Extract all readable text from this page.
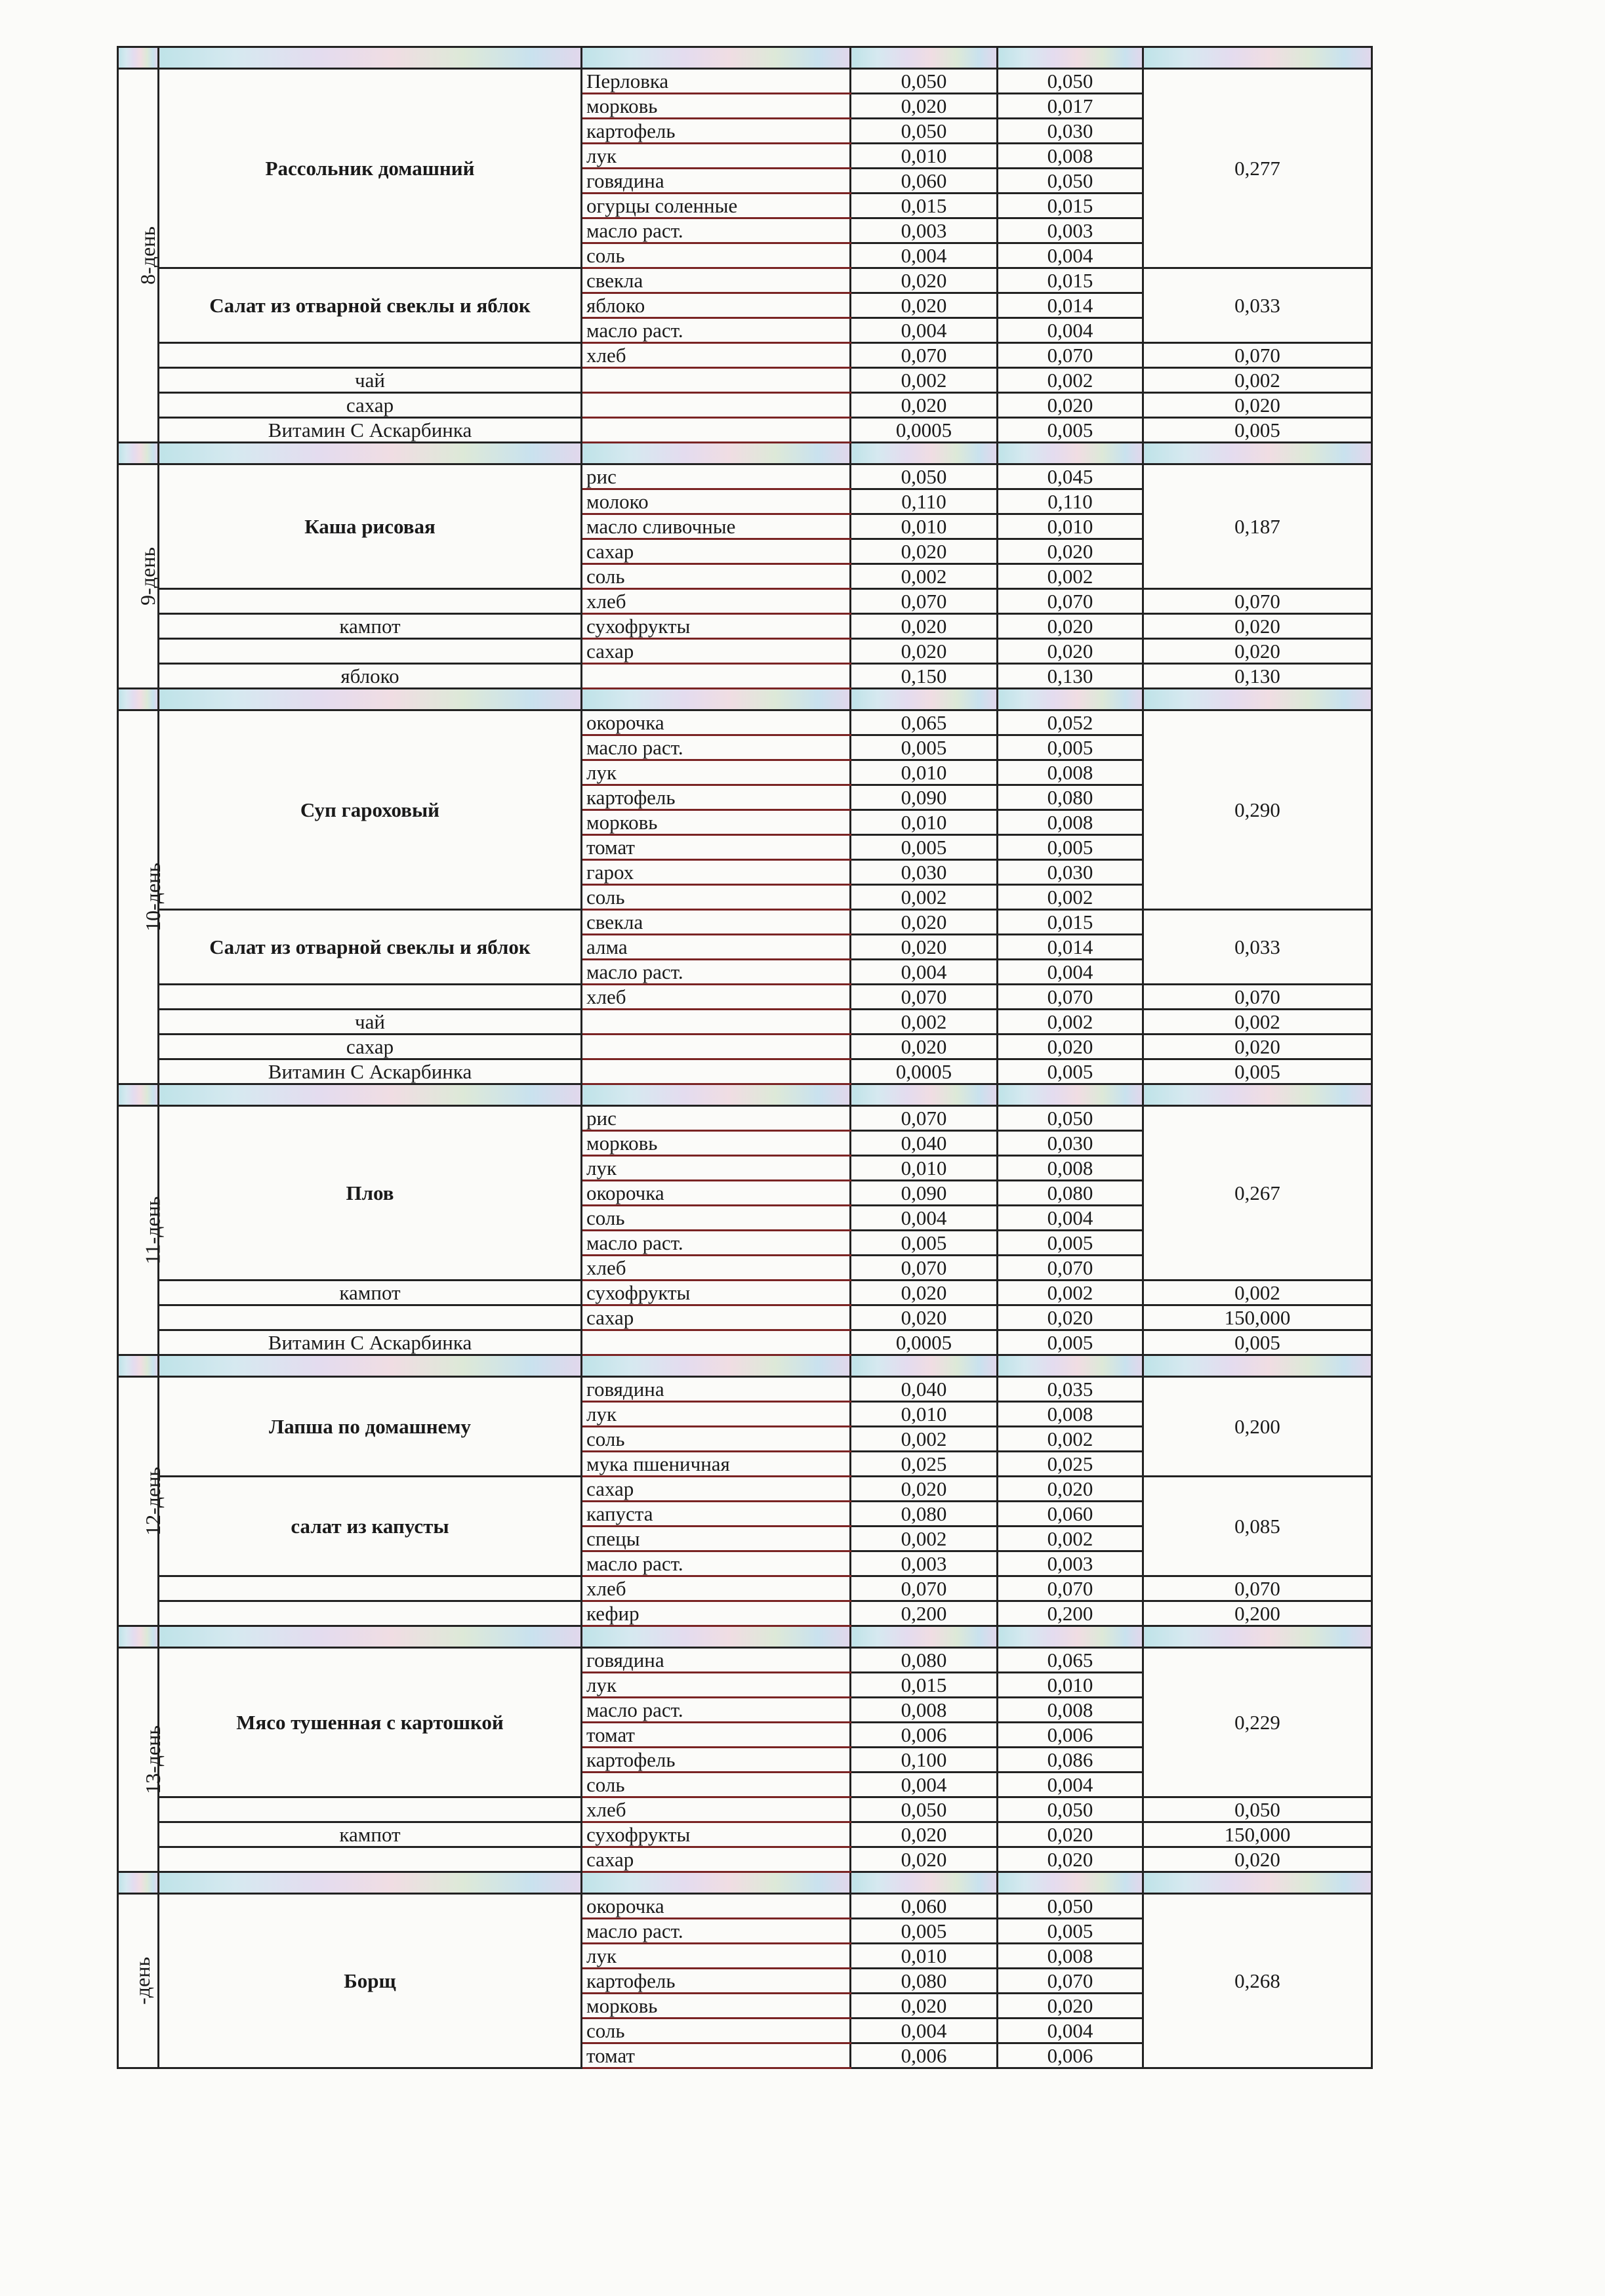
8-день	Рассольник домашний	Перловка	0,050	0,050	0,277
		морковь	0,020	0,017	
		картофель	0,050	0,030	
		лук	0,010	0,008	
		говядина	0,060	0,050	
		огурцы соленные	0,015	0,015	
		масло раст.	0,003	0,003	
		соль	0,004	0,004	
	Салат из отварной свеклы и яблок	свекла	0,020	0,015	0,033
		яблоко	0,020	0,014	
		масло раст.	0,004	0,004	
		хлеб	0,070	0,070	0,070
	чай		0,002	0,002	0,002
	сахар		0,020	0,020	0,020
	Витамин С Аскарбинка		0,0005	0,005	0,005

9-день	Каша рисовая	рис	0,050	0,045	0,187
		молоко	0,110	0,110	
		масло сливочные	0,010	0,010	
		сахар	0,020	0,020	
		соль	0,002	0,002	
		хлеб	0,070	0,070	0,070
	кампот	сухофрукты	0,020	0,020	0,020
		сахар	0,020	0,020	0,020
	яблоко		0,150	0,130	0,130

10-день	Суп гароховый	окорочка	0,065	0,052	0,290
		масло раст.	0,005	0,005	
		лук	0,010	0,008	
		картофель	0,090	0,080	
		морковь	0,010	0,008	
		томат	0,005	0,005	
		гарох	0,030	0,030	
		соль	0,002	0,002	
	Салат из отварной свеклы и яблок	свекла	0,020	0,015	0,033
		алма	0,020	0,014	
		масло раст.	0,004	0,004	
		хлеб	0,070	0,070	0,070
	чай		0,002	0,002	0,002
	сахар		0,020	0,020	0,020
	Витамин С Аскарбинка		0,0005	0,005	0,005

11-день	Плов	рис	0,070	0,050	0,267
		морковь	0,040	0,030	
		лук	0,010	0,008	
		окорочка	0,090	0,080	
		соль	0,004	0,004	
		масло раст.	0,005	0,005	
		хлеб	0,070	0,070	
	кампот	сухофрукты	0,020	0,002	0,002
		сахар	0,020	0,020	150,000
	Витамин С Аскарбинка		0,0005	0,005	0,005

12-день	Лапша по домашнему	говядина	0,040	0,035	0,200
		лук	0,010	0,008	
		соль	0,002	0,002	
		мука пшеничная	0,025	0,025	
	салат из капусты	сахар	0,020	0,020	0,085
		капуста	0,080	0,060	
		спецы	0,002	0,002	
		масло раст.	0,003	0,003	
		хлеб	0,070	0,070	0,070
		кефир	0,200	0,200	0,200

13-день	Мясо тушенная с картошкой	говядина	0,080	0,065	0,229
		лук	0,015	0,010	
		масло раст.	0,008	0,008	
		томат	0,006	0,006	
		картофель	0,100	0,086	
		соль	0,004	0,004	
		хлеб	0,050	0,050	0,050
	кампот	сухофрукты	0,020	0,020	150,000
		сахар	0,020	0,020	0,020

-день	Борщ	окорочка	0,060	0,050	0,268
		масло раст.	0,005	0,005	
		лук	0,010	0,008	
		картофель	0,080	0,070	
		морковь	0,020	0,020	
		соль	0,004	0,004	
		томат	0,006	0,006	
